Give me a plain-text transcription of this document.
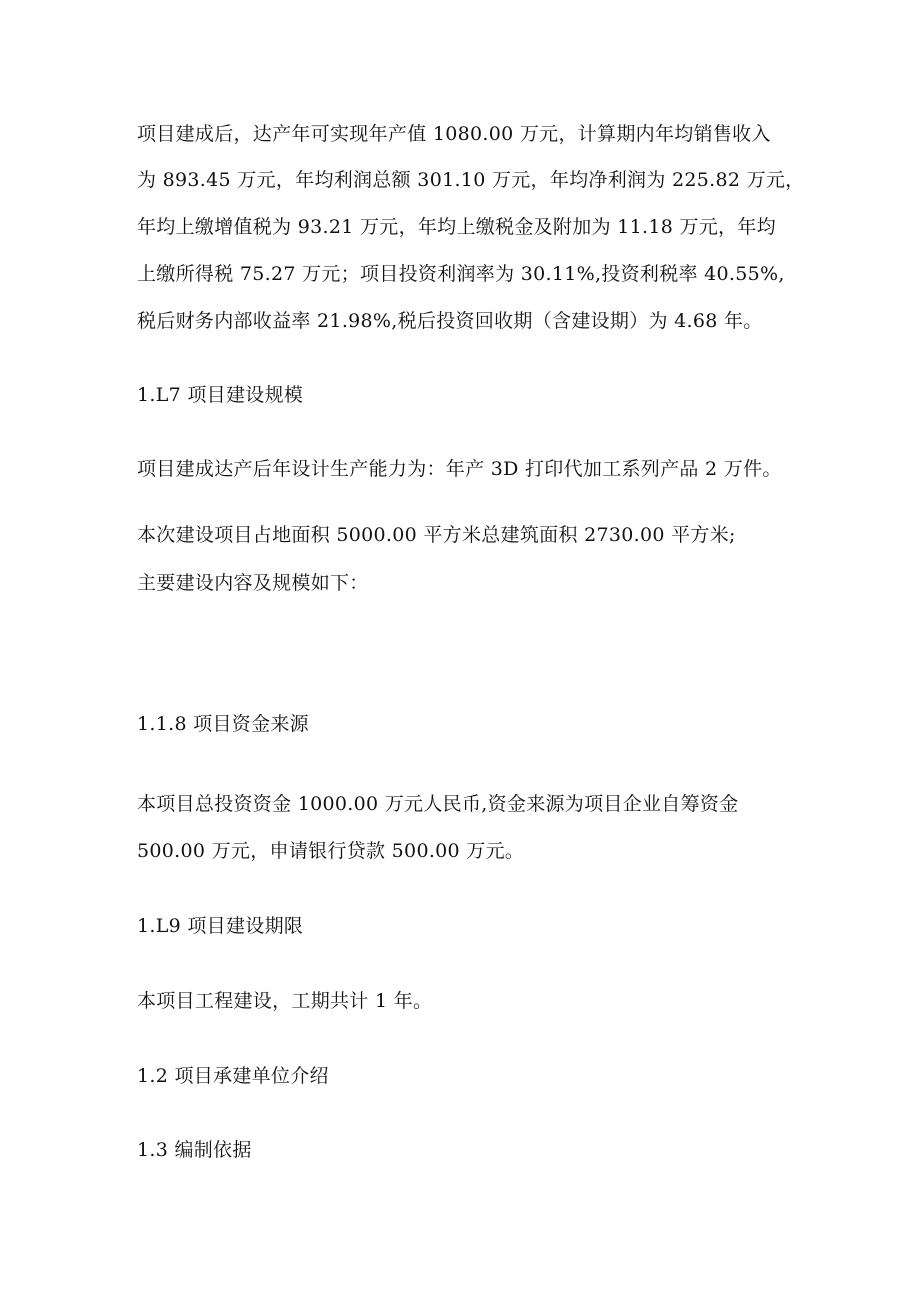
项目建成后，达产年可实现年产值 1080.00 万元，计算期内年均销售收入
为 893.45 万元，年均利润总额 301.10 万元，年均净利润为 225.82 万元，
年均上缴增值税为 93.21 万元，年均上缴税金及附加为 11.18 万元，年均
上缴所得税 75.27 万元；项目投资利润率为 30.11%,投资利税率 40.55%,
税后财务内部收益率 21.98%,税后投资回收期（含建设期）为 4.68 年。
1.L7 项目建设规模
项目建成达产后年设计生产能力为：年产 3D 打印代加工系列产品 2 万件。
本次建设项目占地面积 5000.00 平方米总建筑面积 2730.00 平方米;
主要建设内容及规模如下：
1.1.8 项目资金来源
本项目总投资资金 1000.00 万元人民币,资金来源为项目企业自筹资金
500.00 万元，申请银行贷款 500.00 万元。
1.L9 项目建设期限
本项目工程建设，工期共计 1 年。
1.2 项目承建单位介绍
1.3 编制依据
